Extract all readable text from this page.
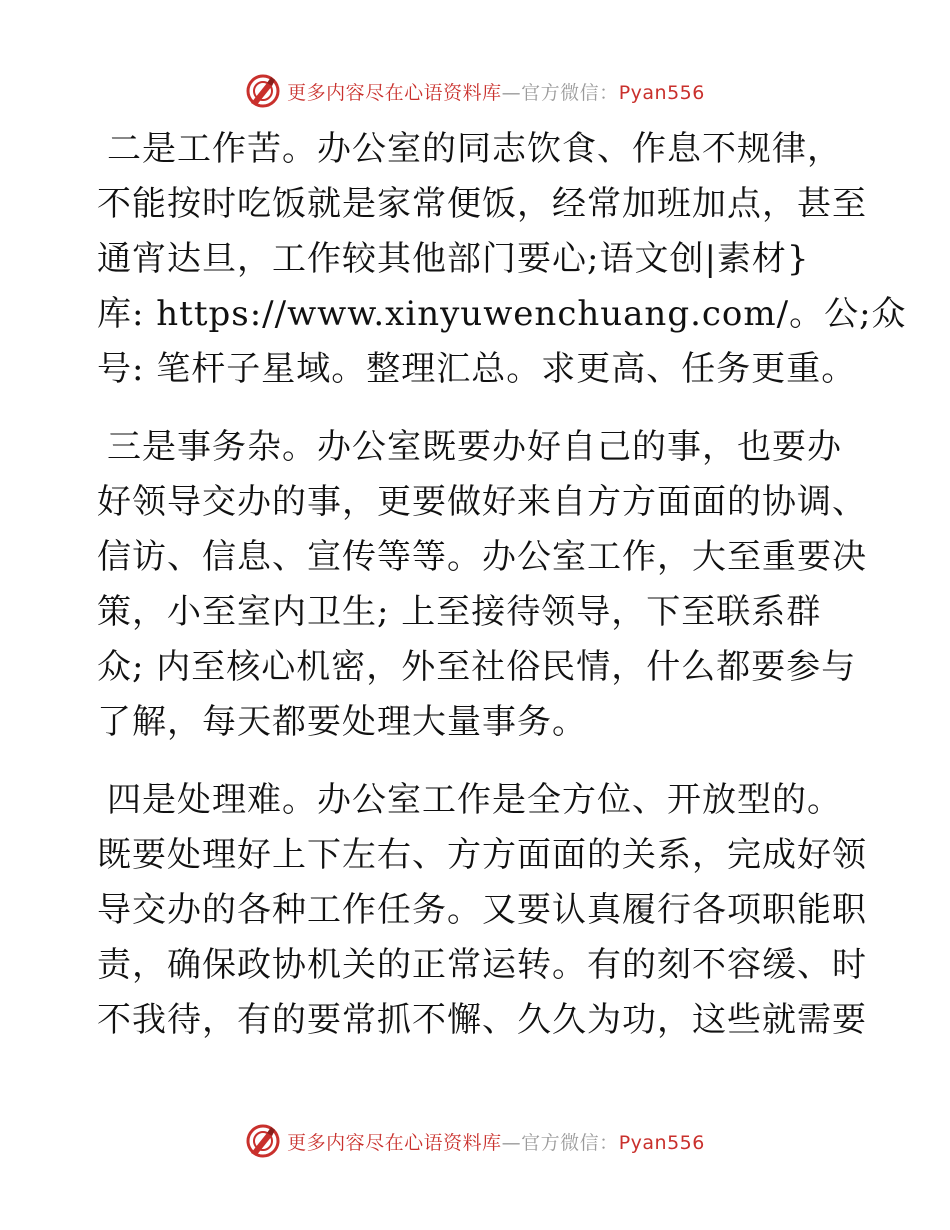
更多内容尽在心语资料库—官方微信：Pyan556

二是工作苦。办公室的同志饮食、作息不规律，
不能按时吃饭就是家常便饭，经常加班加点，甚至
通宵达旦，工作较其他部门要心;语文创|素材}
库: https://www.xinyuwenchuang.com/。公;众
号: 笔杆子星域。整理汇总。求更高、任务更重。

三是事务杂。办公室既要办好自己的事，也要办
好领导交办的事，更要做好来自方方面面的协调、
信访、信息、宣传等等。办公室工作，大至重要决
策，小至室内卫生; 上至接待领导，下至联系群
众; 内至核心机密，外至社俗民情，什么都要参与
了解，每天都要处理大量事务。

四是处理难。办公室工作是全方位、开放型的。
既要处理好上下左右、方方面面的关系，完成好领
导交办的各种工作任务。又要认真履行各项职能职
责，确保政协机关的正常运转。有的刻不容缓、时
不我待，有的要常抓不懈、久久为功，这些就需要

更多内容尽在心语资料库—官方微信：Pyan556
